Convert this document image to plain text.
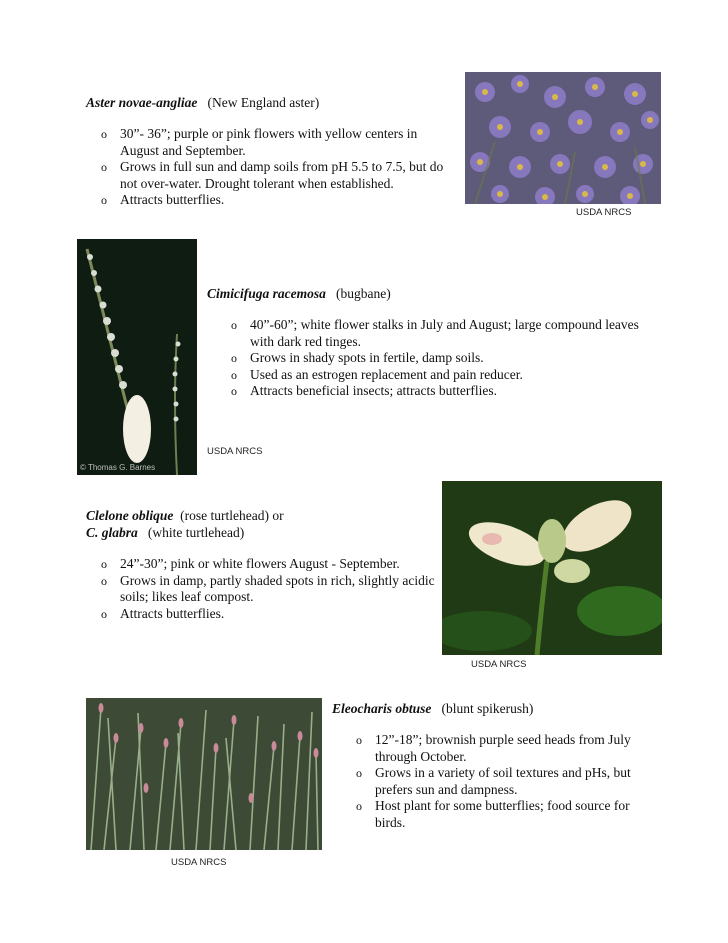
Aster novae-angliae (New England aster)
o 30”- 36”; purple or pink flowers with yellow centers in August and September.
o Grows in full sun and damp soils from pH 5.5 to 7.5, but do not over-water. Drought tolerant when established.
o Attracts butterflies.
USDA NRCS
© Thomas G. Barnes
Cimicifuga racemosa (bugbane)
o 40”-60”; white flower stalks in July and August; large compound leaves with dark red tinges.
o Grows in shady spots in fertile, damp soils.
o Used as an estrogen replacement and pain reducer.
o Attracts beneficial insects; attracts butterflies.
USDA NRCS
Clelone oblique (rose turtlehead) or
C. glabra (white turtlehead)
o 24”-30”; pink or white flowers August - September.
o Grows in damp, partly shaded spots in rich, slightly acidic soils; likes leaf compost.
o Attracts butterflies.
USDA NRCS
Eleocharis obtuse (blunt spikerush)
o 12”-18”; brownish purple seed heads from July through October.
o Grows in a variety of soil textures and pHs, but prefers sun and dampness.
o Host plant for some butterflies; food source for birds.
USDA NRCS
